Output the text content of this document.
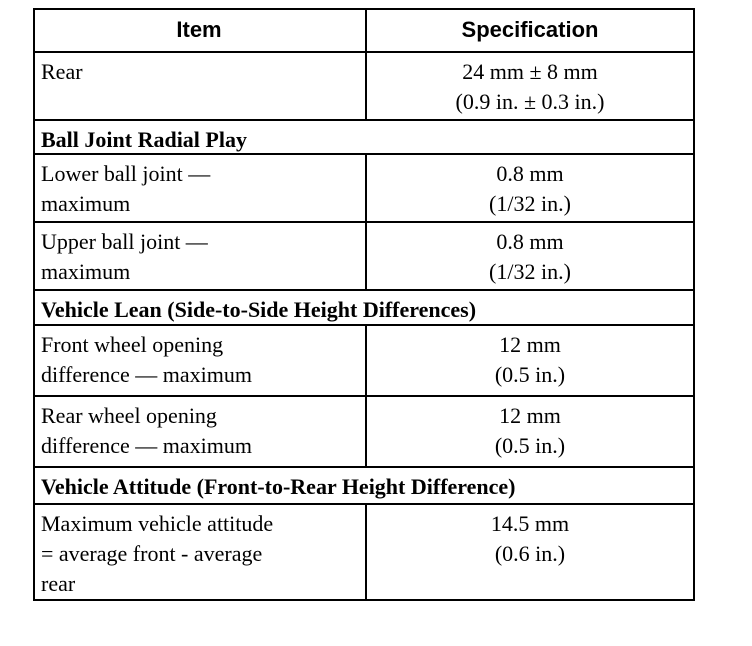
Item	Specification
Rear	24 mm ± 8 mm
(0.9 in. ± 0.3 in.)
Ball Joint Radial Play
Lower ball joint —
maximum
0.8 mm
(1/32 in.)
Upper ball joint —
maximum
0.8 mm
(1/32 in.)
Vehicle Lean (Side-to-Side Height Differences)
Front wheel opening
difference — maximum
12 mm
(0.5 in.)
Rear wheel opening
difference — maximum
12 mm
(0.5 in.)
Vehicle Attitude (Front-to-Rear Height Difference)
Maximum vehicle attitude
= average front - average
rear
14.5 mm
(0.6 in.)
